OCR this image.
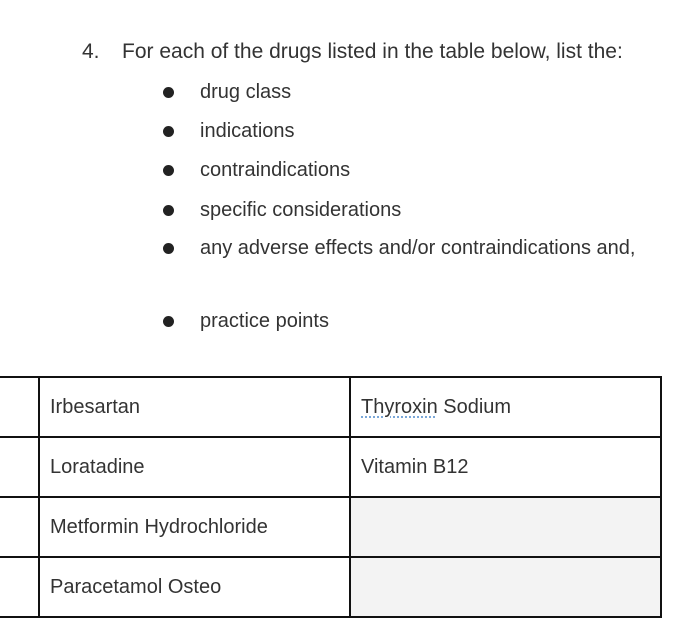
4. For each of the drugs listed in the table below, list the:
drug class
indications
contraindications
specific considerations
any adverse effects and/or contraindications and,
practice points
	Irbesartan	Thyroxin Sodium
	Loratadine	Vitamin B12
	Metformin Hydrochloride	
	Paracetamol Osteo	
